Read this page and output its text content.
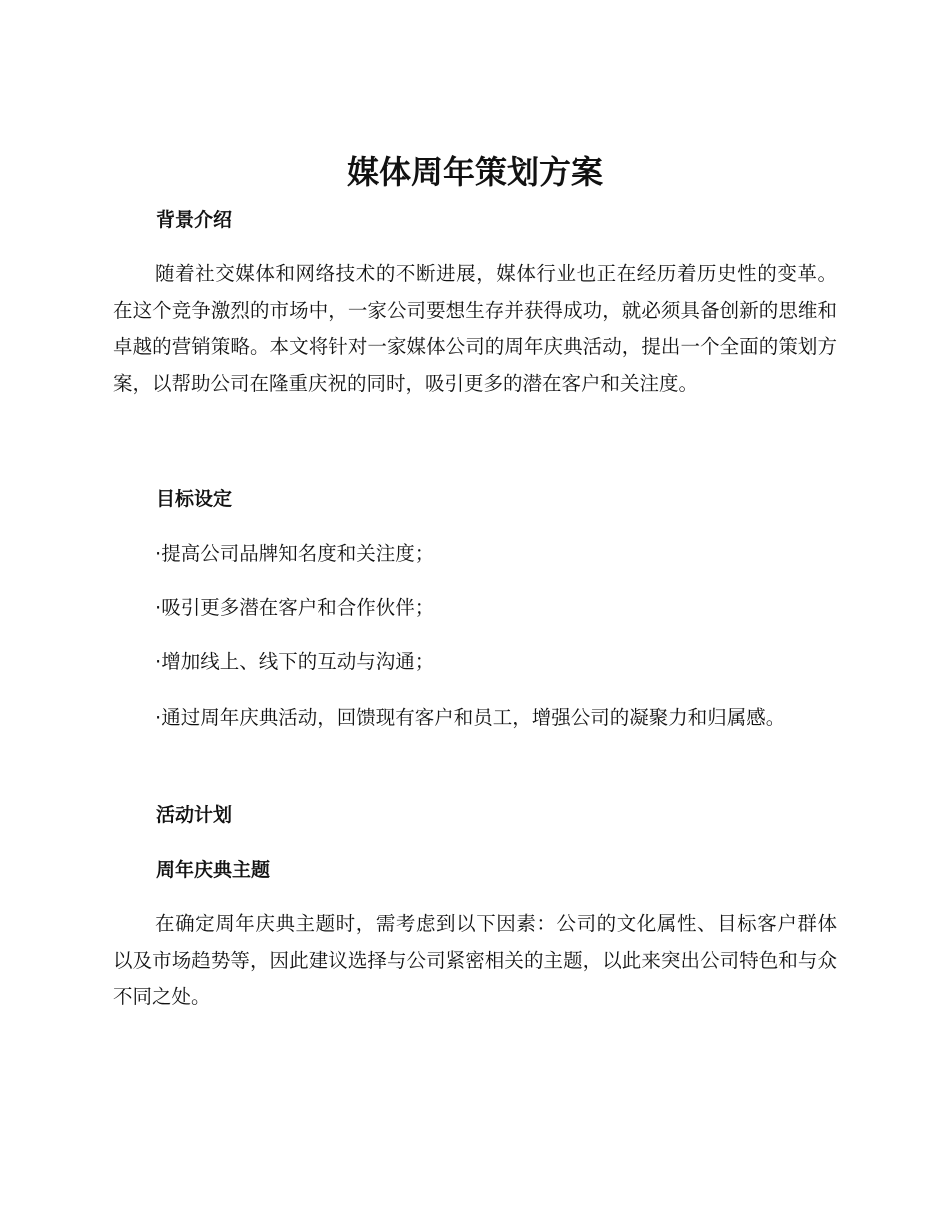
媒体周年策划方案
背景介绍

随着社交媒体和网络技术的不断进展，媒体行业也正在经历着历史性的变革。在这个竞争激烈的市场中，一家公司要想生存并获得成功，就必须具备创新的思维和卓越的营销策略。本文将针对一家媒体公司的周年庆典活动，提出一个全面的策划方案，以帮助公司在隆重庆祝的同时，吸引更多的潜在客户和关注度。

目标设定

·提高公司品牌知名度和关注度；

·吸引更多潜在客户和合作伙伴；

·增加线上、线下的互动与沟通；

·通过周年庆典活动，回馈现有客户和员工，增强公司的凝聚力和归属感。

活动计划
周年庆典主题

在确定周年庆典主题时，需考虑到以下因素：公司的文化属性、目标客户群体以及市场趋势等，因此建议选择与公司紧密相关的主题，以此来突出公司特色和与众不同之处。
